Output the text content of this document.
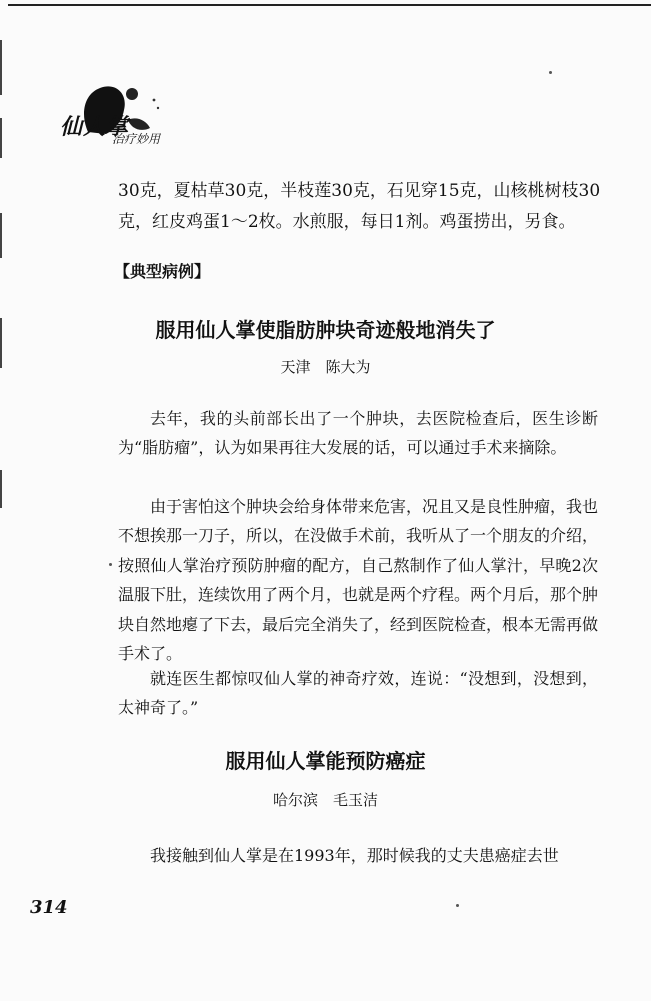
仙人掌
治疗妙用
30克，夏枯草30克，半枝莲30克，石见穿15克，山核桃树枝30克，红皮鸡蛋1～2枚。水煎服，每日1剂。鸡蛋捞出，另食。
【典型病例】
服用仙人掌使脂肪肿块奇迹般地消失了
天津　陈大为
去年，我的头前部长出了一个肿块，去医院检查后，医生诊断为“脂肪瘤”，认为如果再往大发展的话，可以通过手术来摘除。
由于害怕这个肿块会给身体带来危害，况且又是良性肿瘤，我也不想挨那一刀子，所以，在没做手术前，我听从了一个朋友的介绍，按照仙人掌治疗预防肿瘤的配方，自己熬制作了仙人掌汁，早晚2次温服下肚，连续饮用了两个月，也就是两个疗程。两个月后，那个肿块自然地瘪了下去，最后完全消失了，经到医院检查，根本无需再做手术了。
就连医生都惊叹仙人掌的神奇疗效，连说：“没想到，没想到，太神奇了。”
服用仙人掌能预防癌症
哈尔滨　毛玉洁
我接触到仙人掌是在1993年，那时候我的丈夫患癌症去世
314
